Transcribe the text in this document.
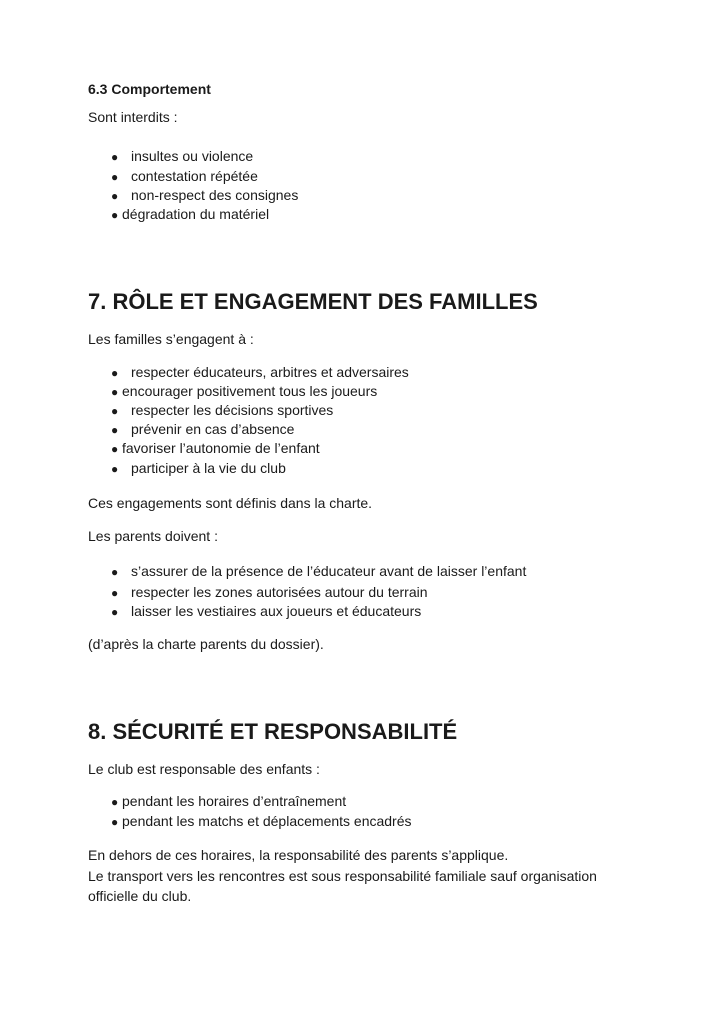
6.3 Comportement
Sont interdits :
● insultes ou violence
● contestation répétée
● non-respect des consignes
● dégradation du matériel
7. RÔLE ET ENGAGEMENT DES FAMILLES
Les familles s’engagent à :
● respecter éducateurs, arbitres et adversaires
● encourager positivement tous les joueurs
● respecter les décisions sportives
● prévenir en cas d’absence
● favoriser l’autonomie de l’enfant
● participer à la vie du club
Ces engagements sont définis dans la charte.
Les parents doivent :
● s’assurer de la présence de l’éducateur avant de laisser l’enfant
● respecter les zones autorisées autour du terrain
● laisser les vestiaires aux joueurs et éducateurs
(d’après la charte parents du dossier).
8. SÉCURITÉ ET RESPONSABILITÉ
Le club est responsable des enfants :
● pendant les horaires d’entraînement
● pendant les matchs et déplacements encadrés
En dehors de ces horaires, la responsabilité des parents s’applique.
Le transport vers les rencontres est sous responsabilité familiale sauf organisation
officielle du club.
